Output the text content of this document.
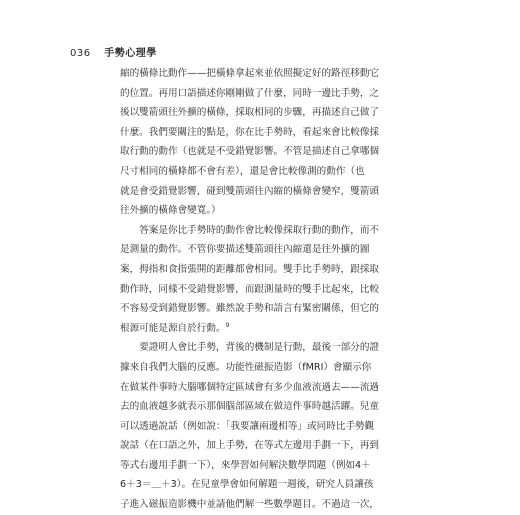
036 手勢心理學
縮的橫條比動作——把橫條拿起來並依照擬定好的路徑移動它
的位置。再用口語描述你剛剛做了什麼，同時一邊比手勢，之
後以雙箭頭往外擴的橫條，採取相同的步驟，再描述自己做了
什麼。我們要關注的點是，你在比手勢時，看起來會比較像採
取行動的動作（也就是不受錯覺影響。不管是描述自己拿哪個
尺寸相同的橫條都不會有差），還是會比較像測的動作（也
就是會受錯覺影響，碰到雙箭頭往內縮的橫條會變窄，雙箭頭
往外擴的橫條會變寬。）
答案是你比手勢時的動作會比較像採取行動的動作，而不
是測量的動作。不管你要描述雙箭頭往內縮還是往外擴的圖
案，拇指和食指張開的距離都會相同。雙手比手勢時，跟採取
動作時，同樣不受錯覺影響，而跟測量時的雙手比起來，比較
不容易受到錯覺影響。雖然說手勢和語言有緊密關係，但它的
根源可能是源自於行動。$^9$
要證明人會比手勢，背後的機制是行動，最後一部分的證
據來自我們大腦的反應。功能性磁振造影（fMRI）會顯示你
在做某件事時大腦哪個特定區域會有多少血液流過去——流過
去的血液越多就表示那個腦部區域在做這件事時越活躍。兒童
可以透過說話（例如說：「我要讓兩邊相等」或同時比手勢觀
說話（在口語之外，加上手勢，在等式左邊用手劃一下，再到
等式右邊用手劃一下），來學習如何解決數學問題（例如4＋
6＋3＝＿＋3）。在兒童學會如何解題一週後，研究人員讓孩
子進入磁振造影機中並請他們解一些數學題目。不過這一次，
